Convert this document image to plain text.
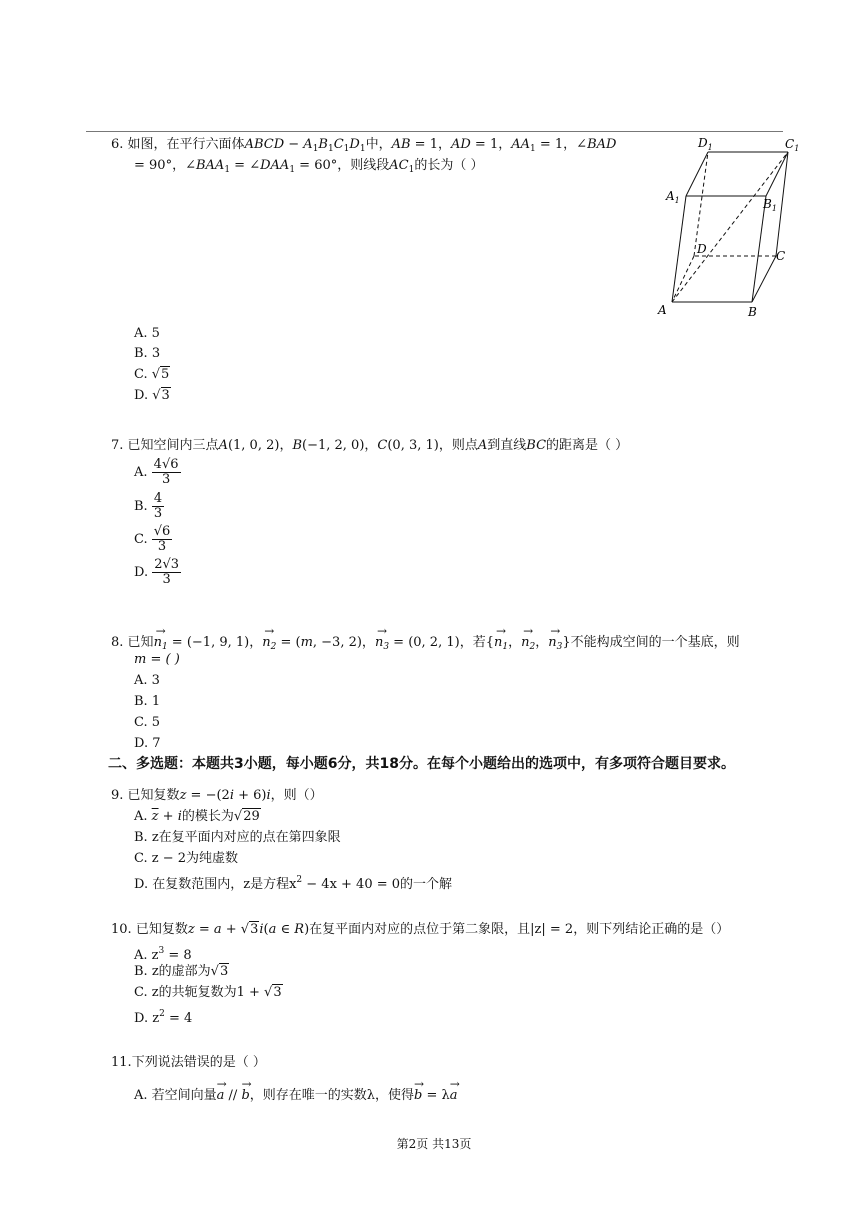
6. 如图，在平行六面体ABCD − $A_1B_1C_1D_1$中，AB = 1，AD = 1，$AA_1 = 1$，∠BAD
= 90°，$\angle BAA_1$ = $\angle DAA_1 = 60^\circ$，则线段$AC_1$的长为（ ）
A	B
C
D
$A_1$	$B_1$
$C_1$
$D_1$
A. 5
B. 3
C. √5
D. √3
7. 已知空间内三点A(1, 0, 2)，B(−1, 2, 0)，C(0, 3, 1)，则点A到直线BC的距离是（ ）
A. $\frac{4√6}{3}$
B. $\frac{4}{3}$
C. $\frac{√6}{3}$
D. $\frac{2√3}{3}$
8. 已知→ $n_1 = (-1$, 9, 1)，→ $n_2 = (m$, −3, 2)，→ $n_3 = (0$, 2, 1)，若{→ $n_1$，→ $n_2$，→ $n_3$}不能构成空间的一个基底，则
m = ( )
A. 3
B. 1
C. 5
D. 7
二、多选题：本题共3小题，每小题6分，共18分。在每个小题给出的选项中，有多项符合题目要求。
9. 已知复数z = −(2i + 6)i，则（）
A. $\overline{z} + i$的模长为√29
B. z在复平面内对应的点在第四象限
C. z − 2为纯虚数
D. 在复数范围内，z是方程$x^2 - 4x + 40 = 0$的一个解
10. 已知复数z = a + √3i(a ∈ R)在复平面内对应的点位于第二象限，且|z| = 2，则下列结论正确的是（）
A. $z^3 = 8$
B. z的虚部为√3
C. z的共轭复数为1 + √3
D. $z^2 = 4$
11.下列说法错误的是（ ）
A. 若空间向量→ a // → b，则存在唯一的实数λ，使得→ b = λ→ a
第2页 共13页
